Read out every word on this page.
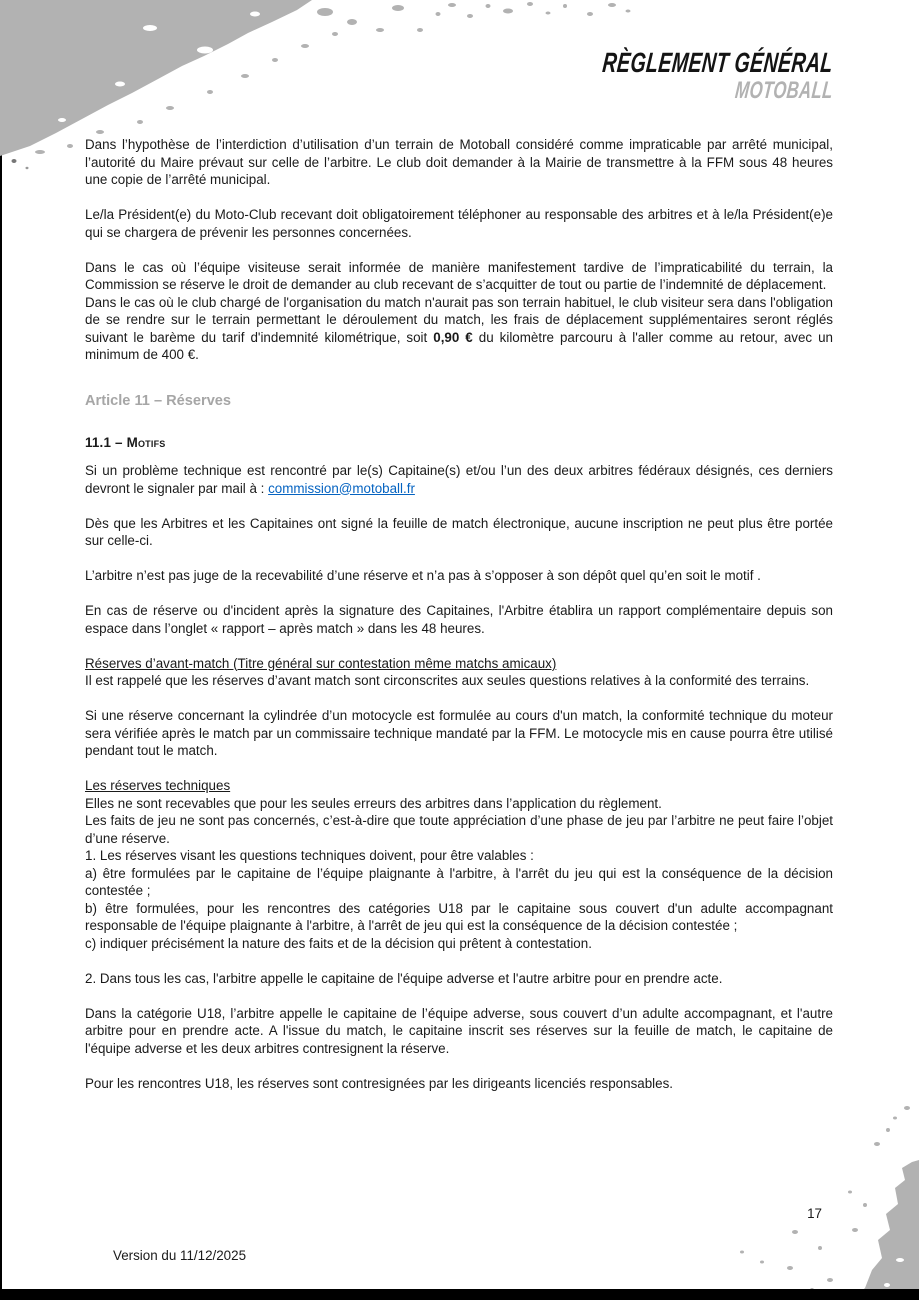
RÈGLEMENT GÉNÉRAL
MOTOBALL

Dans l’hypothèse de l’interdiction d’utilisation d’un terrain de Motoball considéré comme impraticable par arrêté municipal, l’autorité du Maire prévaut sur celle de l’arbitre. Le club doit demander à la Mairie de transmettre à la FFM sous 48 heures une copie de l’arrêté municipal.

Le/la Président(e) du Moto-Club recevant doit obligatoirement téléphoner au responsable des arbitres et à le/la Président(e)e qui se chargera de prévenir les personnes concernées.

Dans le cas où l’équipe visiteuse serait informée de manière manifestement tardive de l’impraticabilité du terrain, la Commission se réserve le droit de demander au club recevant de s’acquitter de tout ou partie de l’indemnité de déplacement.

Dans le cas où le club chargé de l'organisation du match n'aurait pas son terrain habituel, le club visiteur sera dans l'obligation de se rendre sur le terrain permettant le déroulement du match, les frais de déplacement supplémentaires seront réglés suivant le barème du tarif d'indemnité kilométrique, soit 0,90 € du kilomètre parcouru à l'aller comme au retour, avec un minimum de 400 €.

Article 11 – Réserves

11.1 – Motifs

Si un problème technique est rencontré par le(s) Capitaine(s) et/ou l’un des deux arbitres fédéraux désignés, ces derniers devront le signaler par mail à : commission@motoball.fr

Dès que les Arbitres et les Capitaines ont signé la feuille de match électronique, aucune inscription ne peut plus être portée sur celle-ci.

L’arbitre n’est pas juge de la recevabilité d’une réserve et n’a pas à s’opposer à son dépôt quel qu’en soit le motif .

En cas de réserve ou d'incident après la signature des Capitaines, l'Arbitre établira un rapport complémentaire depuis son espace dans l’onglet « rapport – après match » dans les 48 heures.

Réserves d’avant-match (Titre général sur contestation même matchs amicaux)

Il est rappelé que les réserves d’avant match sont circonscrites aux seules questions relatives à la conformité des terrains.

Si une réserve concernant la cylindrée d’un motocycle est formulée au cours d'un match, la conformité technique du moteur sera vérifiée après le match par un commissaire technique mandaté par la FFM. Le motocycle mis en cause pourra être utilisé pendant tout le match.

Les réserves techniques

Elles ne sont recevables que pour les seules erreurs des arbitres dans l’application du règlement.

Les faits de jeu ne sont pas concernés, c’est-à-dire que toute appréciation d’une phase de jeu par l’arbitre ne peut faire l’objet d’une réserve.

1. Les réserves visant les questions techniques doivent, pour être valables :

a) être formulées par le capitaine de l’équipe plaignante à l'arbitre, à l'arrêt du jeu qui est la conséquence de la décision contestée ;

b) être formulées, pour les rencontres des catégories U18 par le capitaine sous couvert d'un adulte accompagnant responsable de l'équipe plaignante à l'arbitre, à l'arrêt de jeu qui est la conséquence de la décision contestée ;

c) indiquer précisément la nature des faits et de la décision qui prêtent à contestation.

2. Dans tous les cas, l'arbitre appelle le capitaine de l'équipe adverse et l'autre arbitre pour en prendre acte.

Dans la catégorie U18, l’arbitre appelle le capitaine de l’équipe adverse, sous couvert d’un adulte accompagnant, et l'autre arbitre pour en prendre acte. A l'issue du match, le capitaine inscrit ses réserves sur la feuille de match, le capitaine de l'équipe adverse et les deux arbitres contresignent la réserve.

Pour les rencontres U18, les réserves sont contresignées par les dirigeants licenciés responsables.

17
Version du 11/12/2025
